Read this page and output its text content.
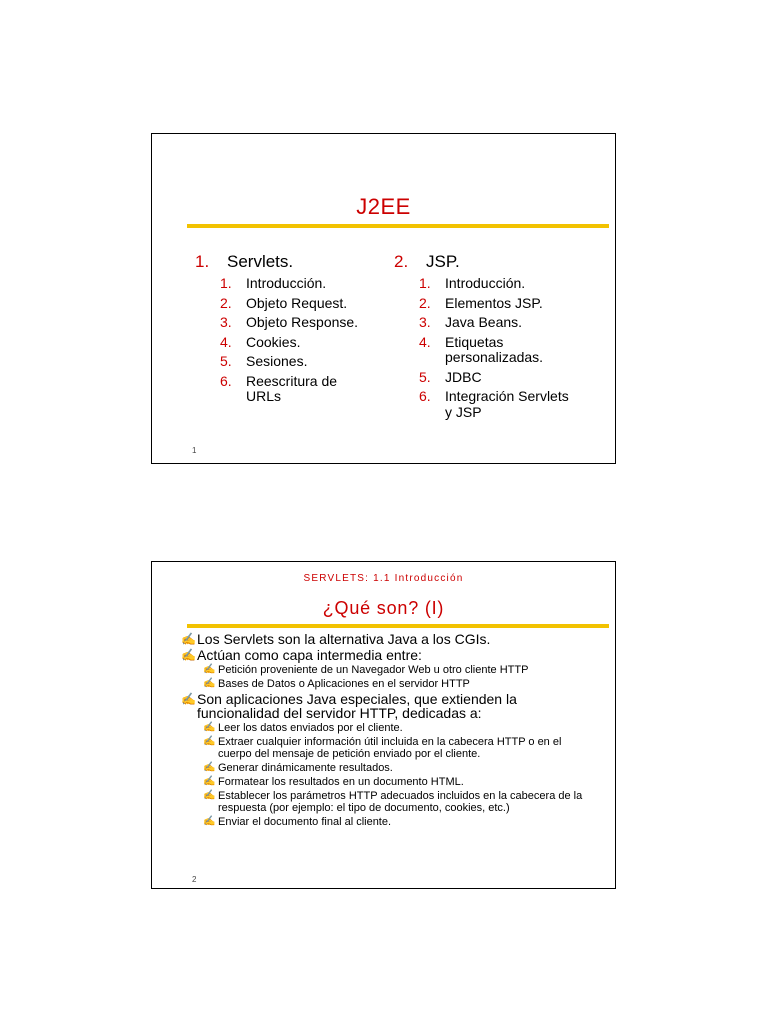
J2EE
1. Servlets.
1. Introducción.
2. Objeto Request.
3. Objeto Response.
4. Cookies.
5. Sesiones.
6. Reescritura de URLs
2. JSP.
1. Introducción.
2. Elementos JSP.
3. Java Beans.
4. Etiquetas personalizadas.
5. JDBC
6. Integración Servlets y JSP
1
SERVLETS: 1.1 Introducción
¿Qué son? (I)
✍ Los Servlets son la alternativa Java a los CGIs.
✍ Actúan como capa intermedia entre:
✍ Petición proveniente de un Navegador Web u otro cliente HTTP
✍ Bases de Datos o Aplicaciones en el servidor HTTP
✍ Son aplicaciones Java especiales, que extienden la funcionalidad del servidor HTTP, dedicadas a:
✍ Leer los datos enviados por el cliente.
✍ Extraer cualquier información útil incluida en la cabecera HTTP o en el cuerpo del mensaje de petición enviado por el cliente.
✍ Generar dinámicamente resultados.
✍ Formatear los resultados en un documento HTML.
✍ Establecer los parámetros HTTP adecuados incluidos en la cabecera de la respuesta (por ejemplo: el tipo de documento, cookies, etc.)
✍ Enviar el documento final al cliente.
2
